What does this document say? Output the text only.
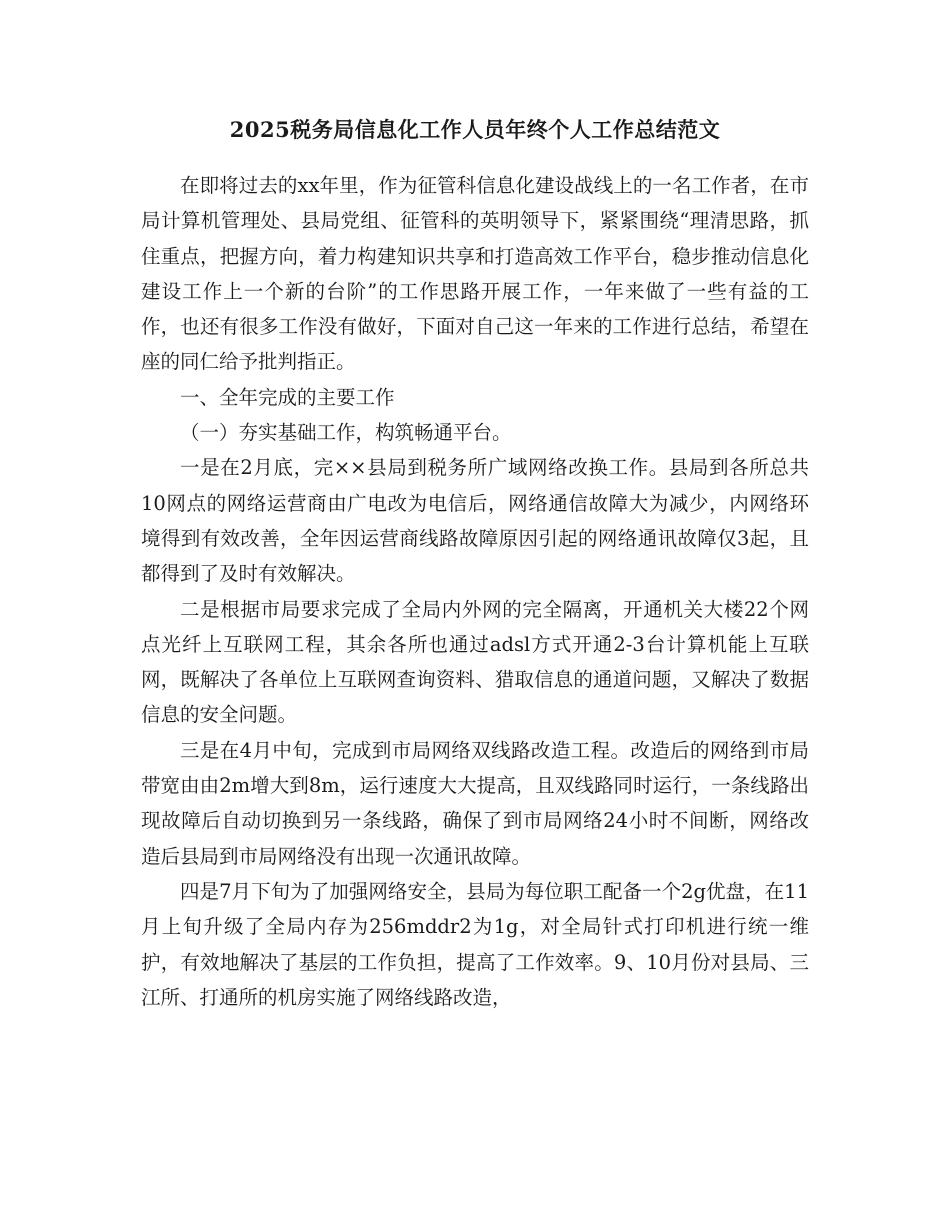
2025税务局信息化工作人员年终个人工作总结范文

在即将过去的xx年里，作为征管科信息化建设战线上的一名工作者，在市局计算机管理处、县局党组、征管科的英明领导下，紧紧围绕“理清思路，抓住重点，把握方向，着力构建知识共享和打造高效工作平台，稳步推动信息化建设工作上一个新的台阶”的工作思路开展工作，一年来做了一些有益的工作，也还有很多工作没有做好，下面对自己这一年来的工作进行总结，希望在座的同仁给予批判指正。

一、全年完成的主要工作

（一）夯实基础工作，构筑畅通平台。

一是在2月底，完××县局到税务所广域网络改换工作。县局到各所总共10网点的网络运营商由广电改为电信后，网络通信故障大为减少，内网络环境得到有效改善，全年因运营商线路故障原因引起的网络通讯故障仅3起，且都得到了及时有效解决。

二是根据市局要求完成了全局内外网的完全隔离，开通机关大楼22个网点光纤上互联网工程，其余各所也通过adsl方式开通2-3台计算机能上互联网，既解决了各单位上互联网查询资料、猎取信息的通道问题，又解决了数据信息的安全问题。

三是在4月中旬，完成到市局网络双线路改造工程。改造后的网络到市局带宽由由2m增大到8m，运行速度大大提高，且双线路同时运行，一条线路出现故障后自动切换到另一条线路，确保了到市局网络24小时不间断，网络改造后县局到市局网络没有出现一次通讯故障。

四是7月下旬为了加强网络安全，县局为每位职工配备一个2g优盘，在11月上旬升级了全局内存为256mddr2为1g，对全局针式打印机进行统一维护，有效地解决了基层的工作负担，提高了工作效率。9、10月份对县局、三江所、打通所的机房实施了网络线路改造，
